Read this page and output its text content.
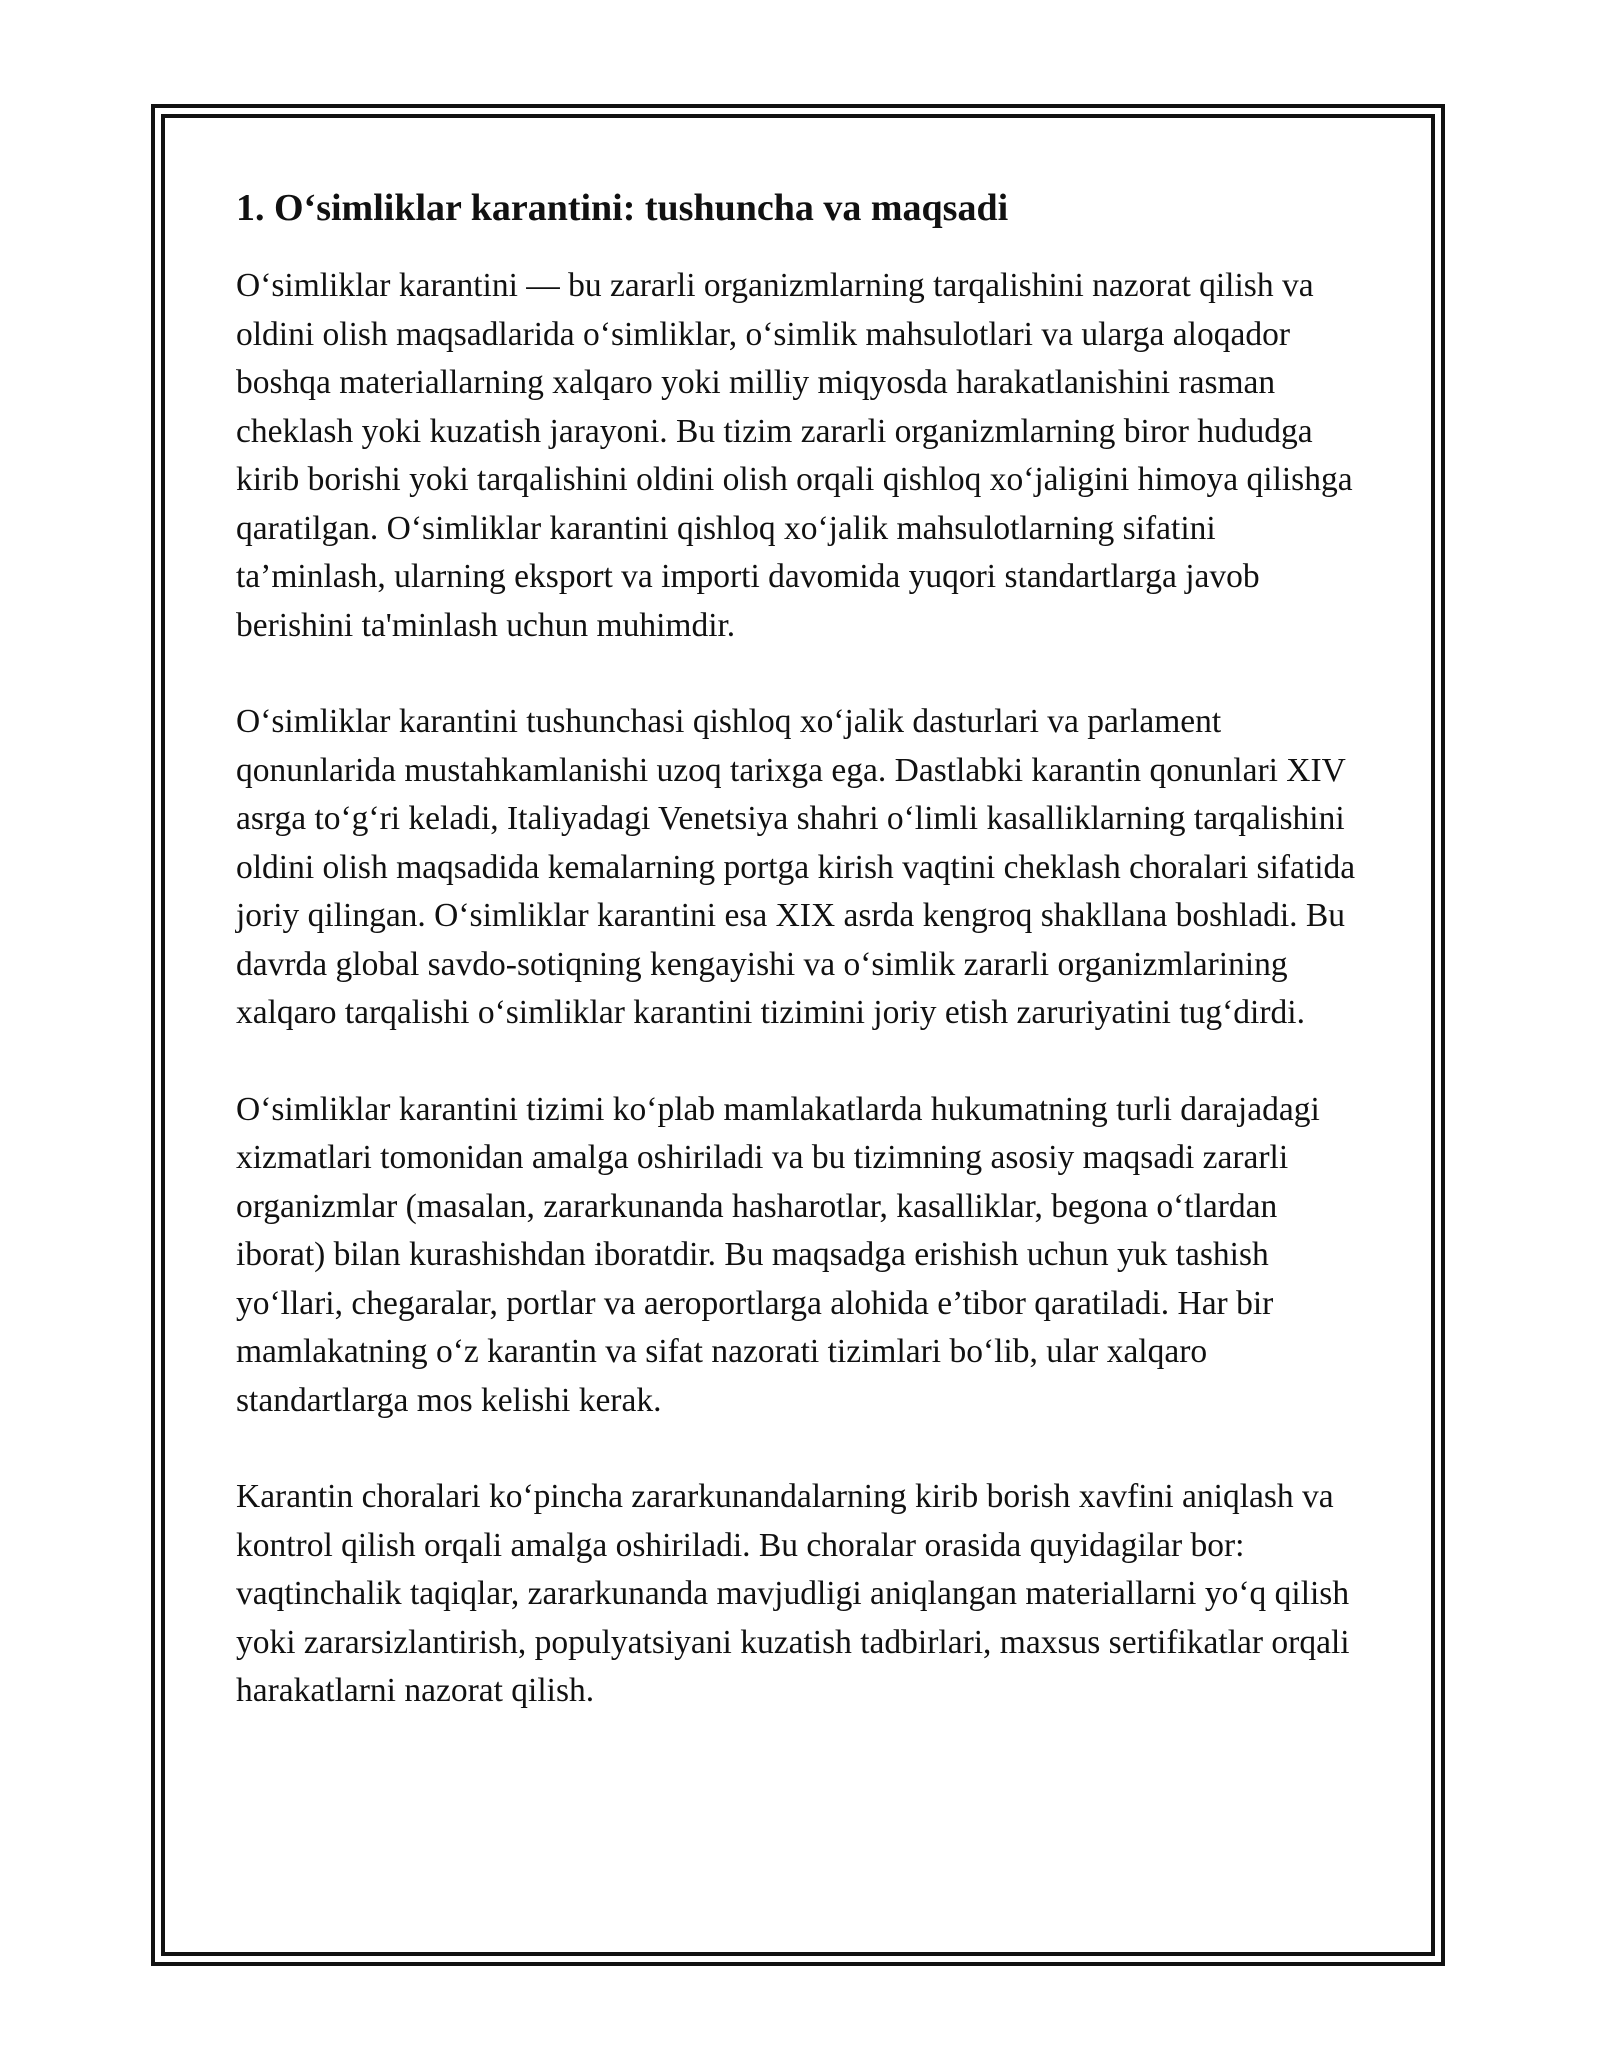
1. O‘simliklar karantini: tushuncha va maqsadi

O‘simliklar karantini — bu zararli organizmlarning tarqalishini nazorat qilish va oldini olish maqsadlarida o‘simliklar, o‘simlik mahsulotlari va ularga aloqador boshqa materiallarning xalqaro yoki milliy miqyosda harakatlanishini rasman cheklash yoki kuzatish jarayoni. Bu tizim zararli organizmlarning biror hududga kirib borishi yoki tarqalishini oldini olish orqali qishloq xo‘jaligini himoya qilishga qaratilgan. O‘simliklar karantini qishloq xo‘jalik mahsulotlarning sifatini ta’minlash, ularning eksport va importi davomida yuqori standartlarga javob berishini ta'minlash uchun muhimdir.

O‘simliklar karantini tushunchasi qishloq xo‘jalik dasturlari va parlament qonunlarida mustahkamlanishi uzoq tarixga ega. Dastlabki karantin qonunlari XIV asrga to‘g‘ri keladi, Italiyadagi Venetsiya shahri o‘limli kasalliklarning tarqalishini oldini olish maqsadida kemalarning portga kirish vaqtini cheklash choralari sifatida joriy qilingan. O‘simliklar karantini esa XIX asrda kengroq shakllana boshladi. Bu davrda global savdo-sotiqning kengayishi va o‘simlik zararli organizmlarining xalqaro tarqalishi o‘simliklar karantini tizimini joriy etish zaruriyatini tug‘dirdi.

O‘simliklar karantini tizimi ko‘plab mamlakatlarda hukumatning turli darajadagi xizmatlari tomonidan amalga oshiriladi va bu tizimning asosiy maqsadi zararli organizmlar (masalan, zararkunanda hasharotlar, kasalliklar, begona o‘tlardan iborat) bilan kurashishdan iboratdir. Bu maqsadga erishish uchun yuk tashish yo‘llari, chegaralar, portlar va aeroportlarga alohida e’tibor qaratiladi. Har bir mamlakatning o‘z karantin va sifat nazorati tizimlari bo‘lib, ular xalqaro standartlarga mos kelishi kerak.

Karantin choralari ko‘pincha zararkunandalarning kirib borish xavfini aniqlash va kontrol qilish orqali amalga oshiriladi. Bu choralar orasida quyidagilar bor: vaqtinchalik taqiqlar, zararkunanda mavjudligi aniqlangan materiallarni yo‘q qilish yoki zararsizlantirish, populyatsiyani kuzatish tadbirlari, maxsus sertifikatlar orqali harakatlarni nazorat qilish.
